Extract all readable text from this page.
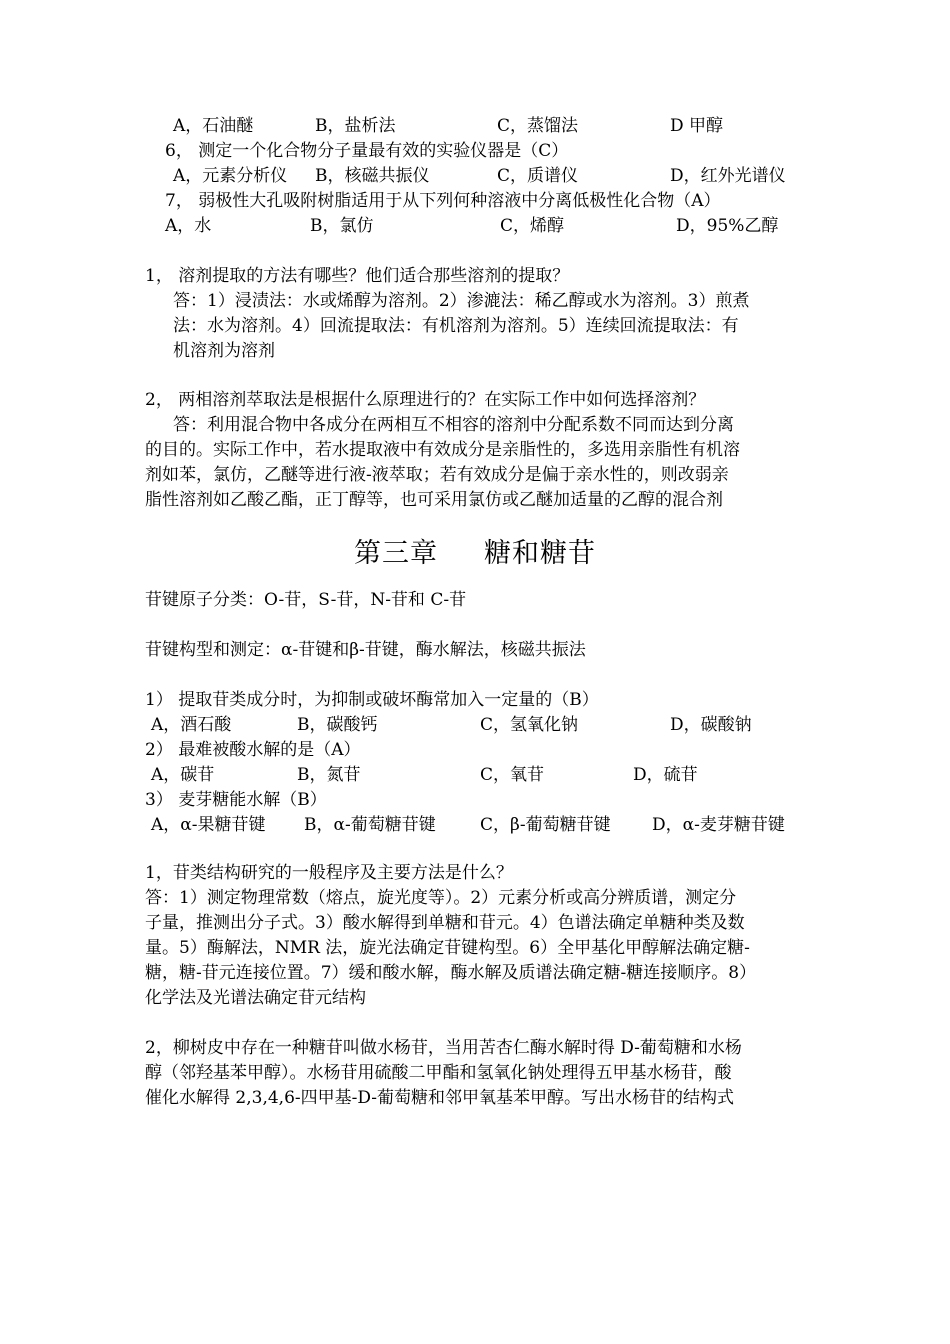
A，石油醚	B，盐析法	C，蒸馏法	D 甲醇
6， 测定一个化合物分子量最有效的实验仪器是（C）
A，元素分析仪 B，核磁共振仪	C，质谱仪	D，红外光谱仪
7， 弱极性大孔吸附树脂适用于从下列何种溶液中分离低极性化合物（A）
A，水	B，氯仿	C，烯醇	D，95%乙醇
1， 溶剂提取的方法有哪些？他们适合那些溶剂的提取？
答：1）浸渍法：水或烯醇为溶剂。2）渗漉法：稀乙醇或水为溶剂。3）煎煮
法：水为溶剂。4）回流提取法：有机溶剂为溶剂。5）连续回流提取法：有
机溶剂为溶剂
2， 两相溶剂萃取法是根据什么原理进行的？在实际工作中如何选择溶剂？
答：利用混合物中各成分在两相互不相容的溶剂中分配系数不同而达到分离
的目的。实际工作中，若水提取液中有效成分是亲脂性的，多选用亲脂性有机溶
剂如苯，氯仿，乙醚等进行液-液萃取；若有效成分是偏于亲水性的，则改弱亲
脂性溶剂如乙酸乙酯，正丁醇等，也可采用氯仿或乙醚加适量的乙醇的混合剂
第三章 糖和糖苷
苷键原子分类：O-苷，S-苷，N-苷和 C-苷
苷键构型和测定：α-苷键和β-苷键，酶水解法，核磁共振法
1） 提取苷类成分时，为抑制或破坏酶常加入一定量的（B）
A，酒石酸	B，碳酸钙	C，氢氧化钠	D，碳酸钠
2） 最难被酸水解的是（A）
A，碳苷	B，氮苷	C，氧苷	D，硫苷
3） 麦芽糖能水解（B）
A，α-果糖苷键 B，α-葡萄糖苷键	C，β-葡萄糖苷键 D，α-麦芽糖苷键
1，苷类结构研究的一般程序及主要方法是什么？
答：1）测定物理常数（熔点，旋光度等）。2）元素分析或高分辨质谱，测定分
子量，推测出分子式。3）酸水解得到单糖和苷元。4）色谱法确定单糖种类及数
量。5）酶解法，NMR 法，旋光法确定苷键构型。6）全甲基化甲醇解法确定糖-
糖，糖-苷元连接位置。7）缓和酸水解，酶水解及质谱法确定糖-糖连接顺序。8）
化学法及光谱法确定苷元结构
2，柳树皮中存在一种糖苷叫做水杨苷，当用苦杏仁酶水解时得 D-葡萄糖和水杨
醇（邻羟基苯甲醇）。水杨苷用硫酸二甲酯和氢氧化钠处理得五甲基水杨苷，酸
催化水解得 2,3,4,6-四甲基-D-葡萄糖和邻甲氧基苯甲醇。写出水杨苷的结构式
